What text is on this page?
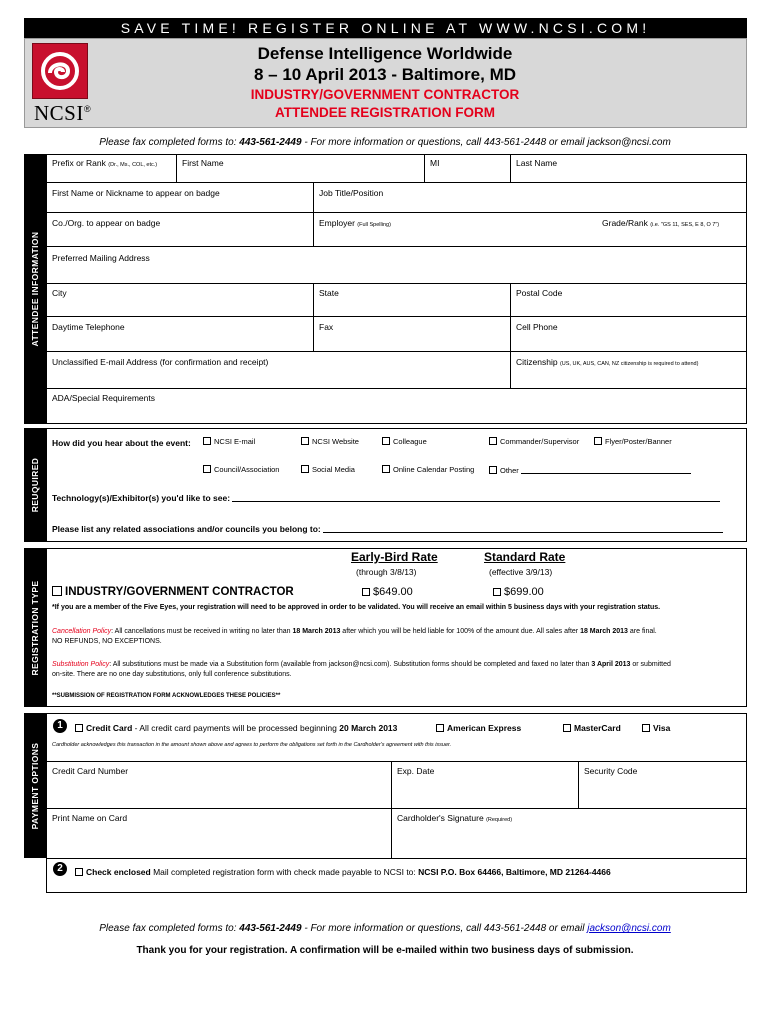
SAVE TIME! REGISTER ONLINE AT WWW.NCSI.COM!
NCSI ®
Defense Intelligence Worldwide
8 – 10 April 2013 - Baltimore, MD
INDUSTRY/GOVERNMENT CONTRACTOR
ATTENDEE REGISTRATION FORM
Please fax completed forms to: 443-561-2449 - For more information or questions, call 443-561-2448 or email jackson@ncsi.com
ATTENDEE INFORMATION
Prefix or Rank (Dr., Ms., COL, etc.)	First Name	MI	Last Name
First Name or Nickname to appear on badge	Job Title/Position
Co./Org. to appear on badge	Employer (Full Spelling)	Grade/Rank (i.e. "GS 11, SES, E 8, O 7")
Preferred Mailing Address
City	State	Postal Code
Daytime Telephone	Fax	Cell Phone
Unclassified E-mail Address (for confirmation and receipt)	Citizenship (US, UK, AUS, CAN, NZ citizenship is required to attend)
ADA/Special Requirements
REUQUIRED
How did you hear about the event:	NCSI E-mail	NCSI Website	Colleague	Commander/Supervisor	Flyer/Poster/Banner
Council/Association	Social Media	Online Calendar Posting	Other
Technology(s)/Exhibitor(s) you'd like to see:
Please list any related associations and/or councils you belong to:
REGISTRATION TYPE
Early-Bird Rate
(through 3/8/13)
Standard Rate
(effective 3/9/13)
INDUSTRY/GOVERNMENT CONTRACTOR	$649.00	$699.00
*If you are a member of the Five Eyes, your registration will need to be approved in order to be validated. You will receive an email within 5 business days with your registration status.
Cancellation Policy: All cancellations must be received in writing no later than 18 March 2013 after which you will be held liable for 100% of the amount due. All sales after 18 March 2013 are final.
NO REFUNDS, NO EXCEPTIONS.
Substitution Policy: All substitutions must be made via a Substitution form (available from jackson@ncsi.com). Substitution forms should be completed and faxed no later than 3 April 2013 or submitted
on-site. There are no one day substitutions, only full conference substitutions.
**SUBMISSION OF REGISTRATION FORM ACKNOWLEDGES THESE POLICIES**
PAYMENT OPTIONS
1	Credit Card - All credit card payments will be processed beginning 20 March 2013	American Express	MasterCard	Visa
Cardholder acknowledges this transaction in the amount shown above and agrees to perform the obligations set forth in the Cardholder's agreement with this issuer.
Credit Card Number	Exp. Date	Security Code
Print Name on Card	Cardholder's Signature (Required)
2	Check enclosed Mail completed registration form with check made payable to NCSI to: NCSI P.O. Box 64466, Baltimore, MD 21264-4466
Please fax completed forms to: 443-561-2449 - For more information or questions, call 443-561-2448 or email jackson@ncsi.com
Thank you for your registration. A confirmation will be e-mailed within two business days of submission.
